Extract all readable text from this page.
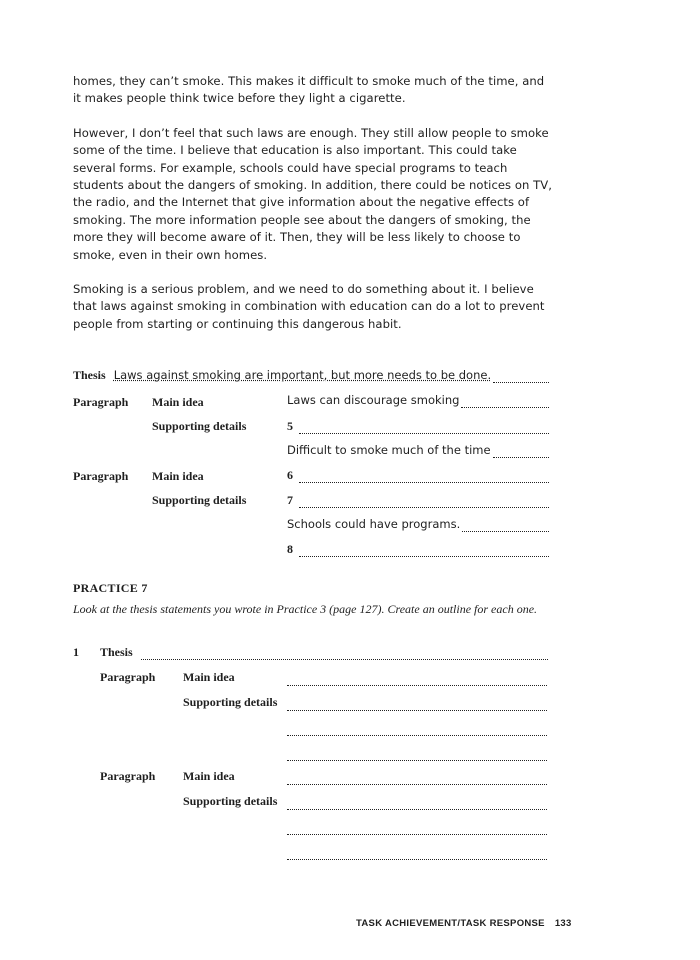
homes, they can’t smoke. This makes it difficult to smoke much of the time, and it makes people think twice before they light a cigarette.

However, I don’t feel that such laws are enough. They still allow people to smoke some of the time. I believe that education is also important. This could take several forms. For example, schools could have special programs to teach students about the dangers of smoking. In addition, there could be notices on TV, the radio, and the Internet that give information about the negative effects of smoking. The more information people see about the dangers of smoking, the more they will become aware of it. Then, they will be less likely to choose to smoke, even in their own homes.

Smoking is a serious problem, and we need to do something about it. I believe that laws against smoking in combination with education can do a lot to prevent people from starting or continuing this dangerous habit.

Thesis Laws against smoking are important, but more needs to be done.
Paragraph Main idea	Laws can discourage smoking
Supporting details	5
Difficult to smoke much of the time
Paragraph Main idea	6
Supporting details	7
Schools could have programs.
8
PRACTICE 7
Look at the thesis statements you wrote in Practice 3 (page 127). Create an outline for each one.
1 Thesis
Paragraph Main idea
Supporting details
Paragraph Main idea
Supporting details
TASK ACHIEVEMENT/TASK RESPONSE 133
